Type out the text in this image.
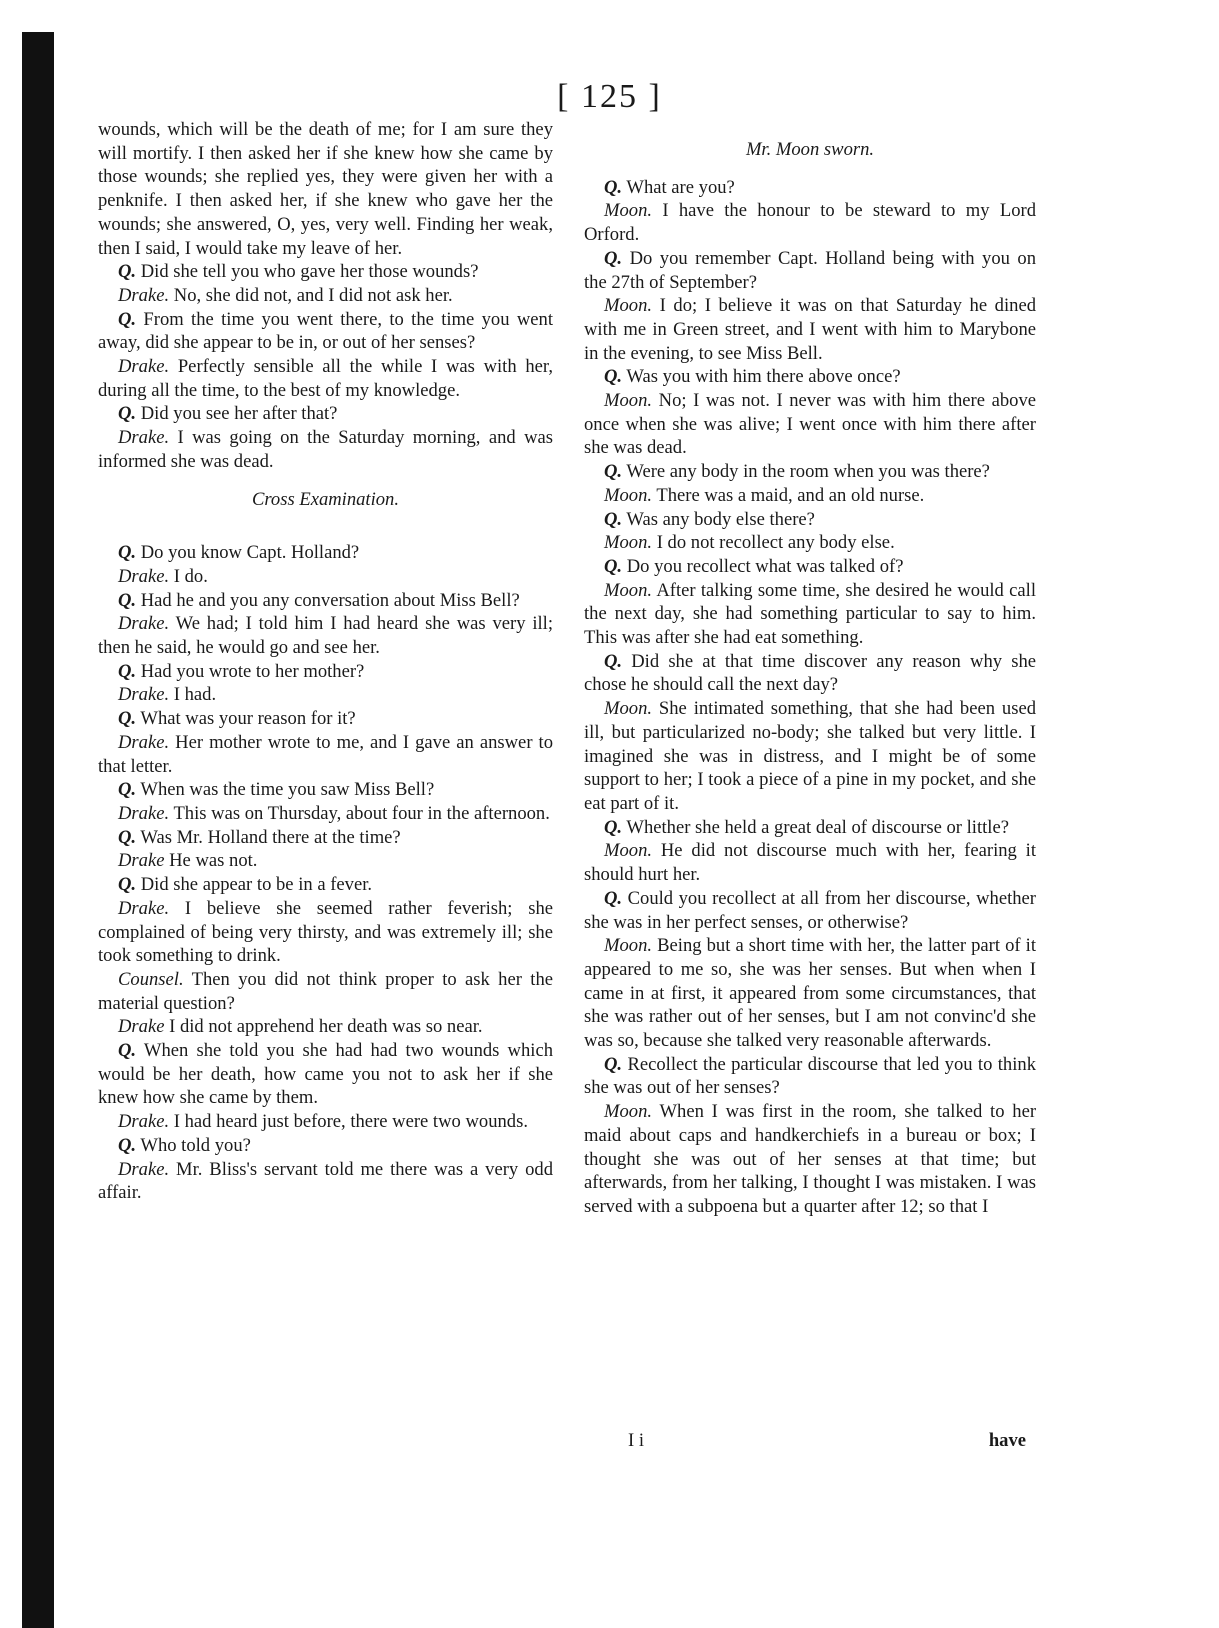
[ 125 ]

wounds, which will be the death of me; for I am sure they will mortify. I then asked her if she knew how she came by those wounds; she replied yes, they were given her with a penknife. I then asked her, if she knew who gave her the wounds; she answered, O, yes, very well. Finding her weak, then I said, I would take my leave of her.

Q. Did she tell you who gave her those wounds?

Drake. No, she did not, and I did not ask her.

Q. From the time you went there, to the time you went away, did she appear to be in, or out of her senses?

Drake. Perfectly sensible all the while I was with her, during all the time, to the best of my knowledge.

Q. Did you see her after that?

Drake. I was going on the Saturday morning, and was informed she was dead.

Cross Examination.

Q. Do you know Capt. Holland?

Drake. I do.

Q. Had he and you any conversation about Miss Bell?

Drake. We had; I told him I had heard she was very ill; then he said, he would go and see her.

Q. Had you wrote to her mother?

Drake. I had.

Q. What was your reason for it?

Drake. Her mother wrote to me, and I gave an answer to that letter.

Q. When was the time you saw Miss Bell?

Drake. This was on Thursday, about four in the afternoon.

Q. Was Mr. Holland there at the time?

Drake He was not.

Q. Did she appear to be in a fever.

Drake. I believe she seemed rather feverish; she complained of being very thirsty, and was extremely ill; she took something to drink.

Counsel. Then you did not think proper to ask her the material question?

Drake I did not apprehend her death was so near.

Q. When she told you she had had two wounds which would be her death, how came you not to ask her if she knew how she came by them.

Drake. I had heard just before, there were two wounds.

Q. Who told you?

Drake. Mr. Bliss's servant told me there was a very odd affair.

Mr. Moon sworn.

Q. What are you?

Moon. I have the honour to be steward to my Lord Orford.

Q. Do you remember Capt. Holland being with you on the 27th of September?

Moon. I do; I believe it was on that Saturday he dined with me in Green street, and I went with him to Marybone in the evening, to see Miss Bell.

Q. Was you with him there above once?

Moon. No; I was not. I never was with him there above once when she was alive; I went once with him there after she was dead.

Q. Were any body in the room when you was there?

Moon. There was a maid, and an old nurse.

Q. Was any body else there?

Moon. I do not recollect any body else.

Q. Do you recollect what was talked of?

Moon. After talking some time, she desired he would call the next day, she had something particular to say to him. This was after she had eat something.

Q. Did she at that time discover any reason why she chose he should call the next day?

Moon. She intimated something, that she had been used ill, but particularized no-body; she talked but very little. I imagined she was in distress, and I might be of some support to her; I took a piece of a pine in my pocket, and she eat part of it.

Q. Whether she held a great deal of discourse or little?

Moon. He did not discourse much with her, fearing it should hurt her.

Q. Could you recollect at all from her discourse, whether she was in her perfect senses, or otherwise?

Moon. Being but a short time with her, the latter part of it appeared to me so, she was her senses. But when when I came in at first, it appeared from some circumstances, that she was rather out of her senses, but I am not convinc'd she was so, because she talked very reasonable afterwards.

Q. Recollect the particular discourse that led you to think she was out of her senses?

Moon. When I was first in the room, she talked to her maid about caps and handkerchiefs in a bureau or box; I thought she was out of her senses at that time; but afterwards, from her talking, I thought I was mistaken. I was served with a subpoena but a quarter after 12; so that I

I i	have
